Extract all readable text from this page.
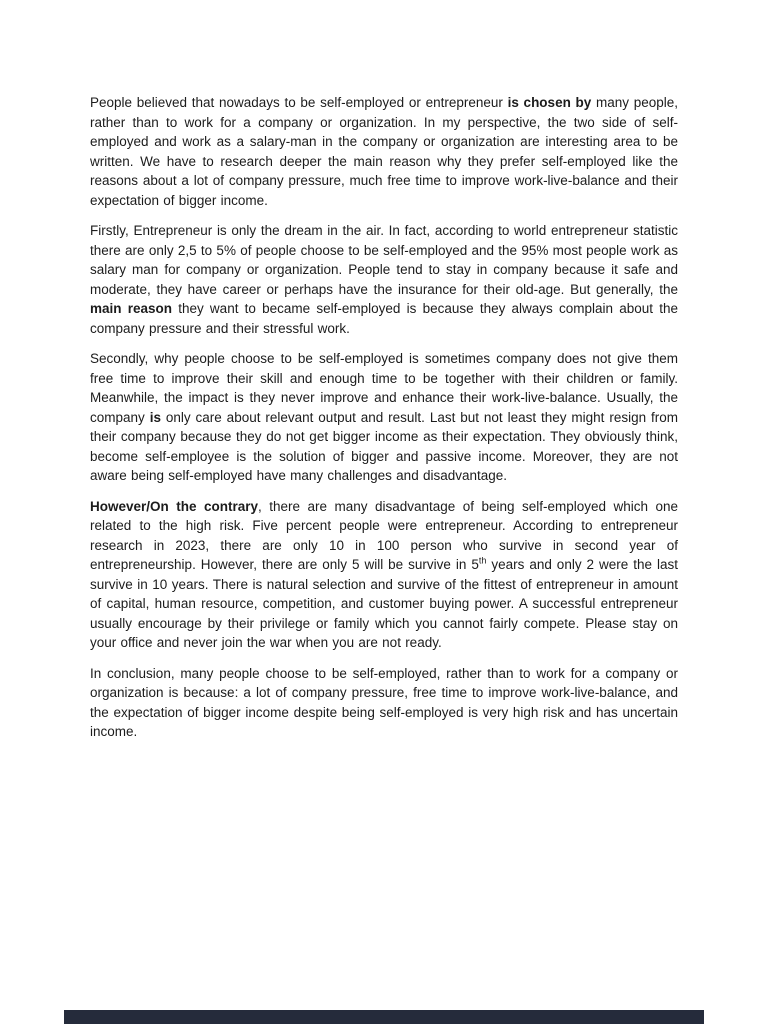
People believed that nowadays to be self-employed or entrepreneur is chosen by many people, rather than to work for a company or organization. In my perspective, the two side of self-employed and work as a salary-man in the company or organization are interesting area to be written. We have to research deeper the main reason why they prefer self-employed like the reasons about a lot of company pressure, much free time to improve work-live-balance and their expectation of bigger income.

Firstly, Entrepreneur is only the dream in the air. In fact, according to world entrepreneur statistic there are only 2,5 to 5% of people choose to be self-employed and the 95% most people work as salary man for company or organization. People tend to stay in company because it safe and moderate, they have career or perhaps have the insurance for their old-age. But generally, the main reason they want to became self-employed is because they always complain about the company pressure and their stressful work.

Secondly, why people choose to be self-employed is sometimes company does not give them free time to improve their skill and enough time to be together with their children or family. Meanwhile, the impact is they never improve and enhance their work-live-balance. Usually, the company is only care about relevant output and result. Last but not least they might resign from their company because they do not get bigger income as their expectation. They obviously think, become self-employee is the solution of bigger and passive income. Moreover, they are not aware being self-employed have many challenges and disadvantage.

However/On the contrary, there are many disadvantage of being self-employed which one related to the high risk. Five percent people were entrepreneur. According to entrepreneur research in 2023, there are only 10 in 100 person who survive in second year of entrepreneurship. However, there are only 5 will be survive in 5th years and only 2 were the last survive in 10 years. There is natural selection and survive of the fittest of entrepreneur in amount of capital, human resource, competition, and customer buying power. A successful entrepreneur usually encourage by their privilege or family which you cannot fairly compete. Please stay on your office and never join the war when you are not ready.

In conclusion, many people choose to be self-employed, rather than to work for a company or organization is because: a lot of company pressure, free time to improve work-live-balance, and the expectation of bigger income despite being self-employed is very high risk and has uncertain income.
